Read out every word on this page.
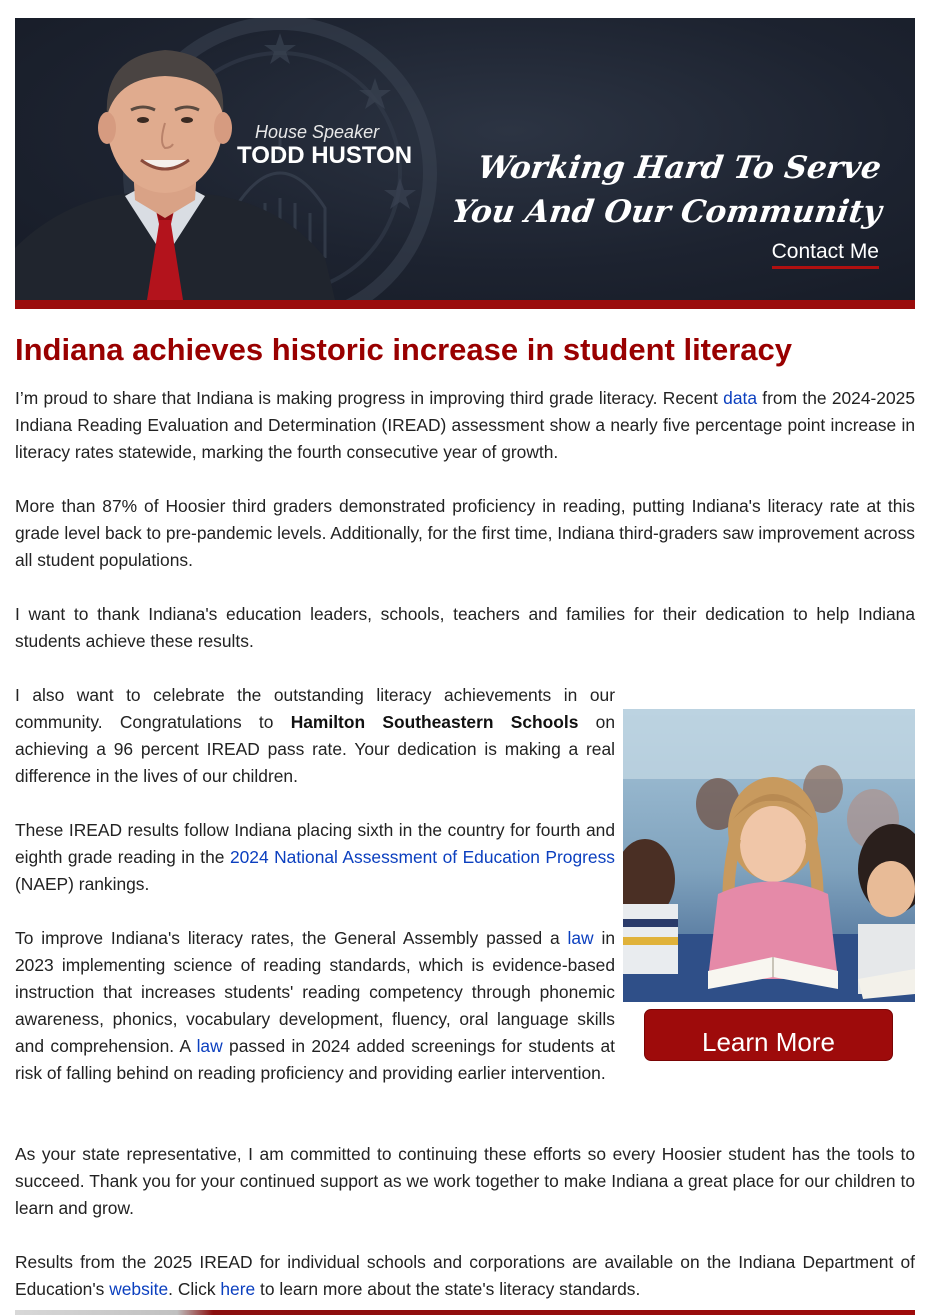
House Speaker
TODD HUSTON Working Hard To Serve
You And Our Community
Contact Me
Indiana achieves historic increase in student literacy

I’m proud to share that Indiana is making progress in improving third grade literacy. Recent data from the 2024-2025 Indiana Reading Evaluation and Determination (IREAD) assessment show a nearly five percentage point increase in literacy rates statewide, marking the fourth consecutive year of growth.

More than 87% of Hoosier third graders demonstrated proficiency in reading, putting Indiana's literacy rate at this grade level back to pre-pandemic levels. Additionally, for the first time, Indiana third-graders saw improvement across all student populations.

I want to thank Indiana's education leaders, schools, teachers and families for their dedication to help Indiana students achieve these results.

I also want to celebrate the outstanding literacy achievements in our community. Congratulations to Hamilton Southeastern Schools on achieving a 96 percent IREAD pass rate. Your dedication is making a real difference in the lives of our children.

These IREAD results follow Indiana placing sixth in the country for fourth and eighth grade reading in the 2024 National Assessment of Education Progress (NAEP) rankings.

To improve Indiana's literacy rates, the General Assembly passed a law in 2023 implementing science of reading standards, which is evidence-based instruction that increases students' reading competency through phonemic awareness, phonics, vocabulary development, fluency, oral language skills and comprehension. A law passed in 2024 added screenings for students at risk of falling behind on reading proficiency and providing earlier intervention.

As your state representative, I am committed to continuing these efforts so every Hoosier student has the tools to succeed. Thank you for your continued support as we work together to make Indiana a great place for our children to learn and grow.

Results from the 2025 IREAD for individual schools and corporations are available on the Indiana Department of Education's website. Click here to learn more about the state's literacy standards.

Learn More
